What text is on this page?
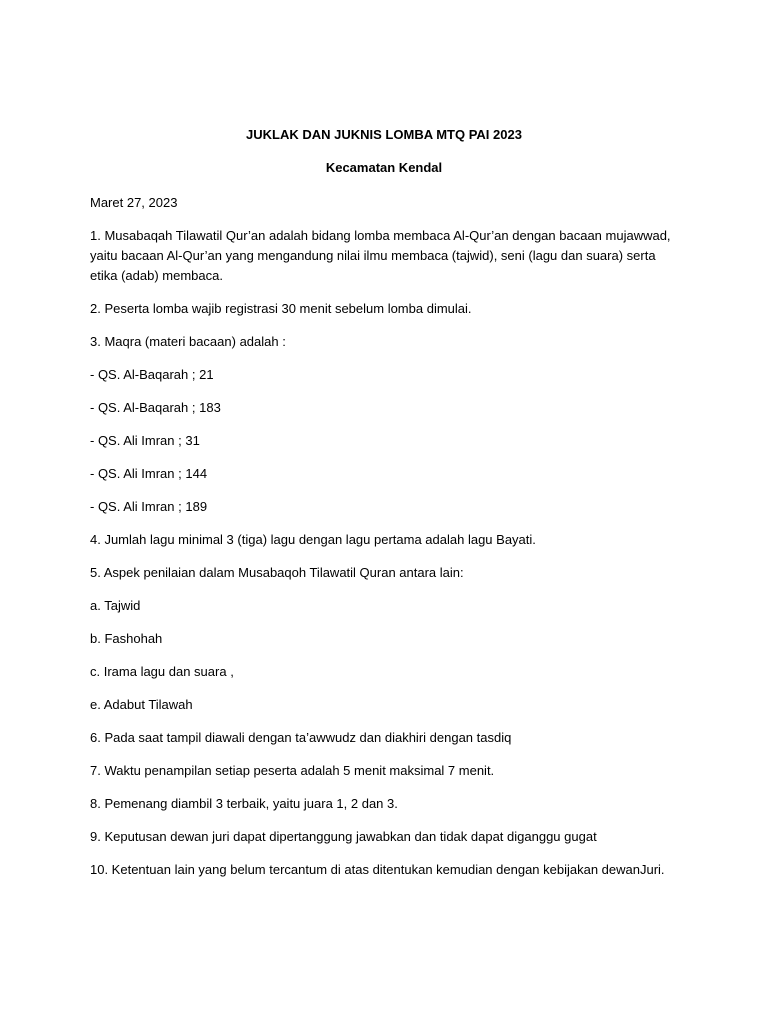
JUKLAK DAN JUKNIS LOMBA MTQ PAI 2023
Kecamatan Kendal

Maret 27, 2023

1. Musabaqah Tilawatil Qur’an adalah bidang lomba membaca Al-Qur’an dengan bacaan mujawwad, yaitu bacaan Al-Qur’an yang mengandung nilai ilmu membaca (tajwid), seni (lagu dan suara) serta etika (adab) membaca.

2. Peserta lomba wajib registrasi 30 menit sebelum lomba dimulai.

3. Maqra (materi bacaan) adalah :

- QS. Al-Baqarah ; 21

- QS. Al-Baqarah ; 183

- QS. Ali Imran ; 31

- QS. Ali Imran ; 144

- QS. Ali Imran ; 189

4. Jumlah lagu minimal 3 (tiga) lagu dengan lagu pertama adalah lagu Bayati.

5. Aspek penilaian dalam Musabaqoh Tilawatil Quran antara lain:

a. Tajwid

b. Fashohah

c. Irama lagu dan suara ,

e. Adabut Tilawah

6. Pada saat tampil diawali dengan ta’awwudz dan diakhiri dengan tasdiq

7. Waktu penampilan setiap peserta adalah 5 menit maksimal 7 menit.

8. Pemenang diambil 3 terbaik, yaitu juara 1, 2 dan 3.

9. Keputusan dewan juri dapat dipertanggung jawabkan dan tidak dapat diganggu gugat

10. Ketentuan lain yang belum tercantum di atas ditentukan kemudian dengan kebijakan dewanJuri.
